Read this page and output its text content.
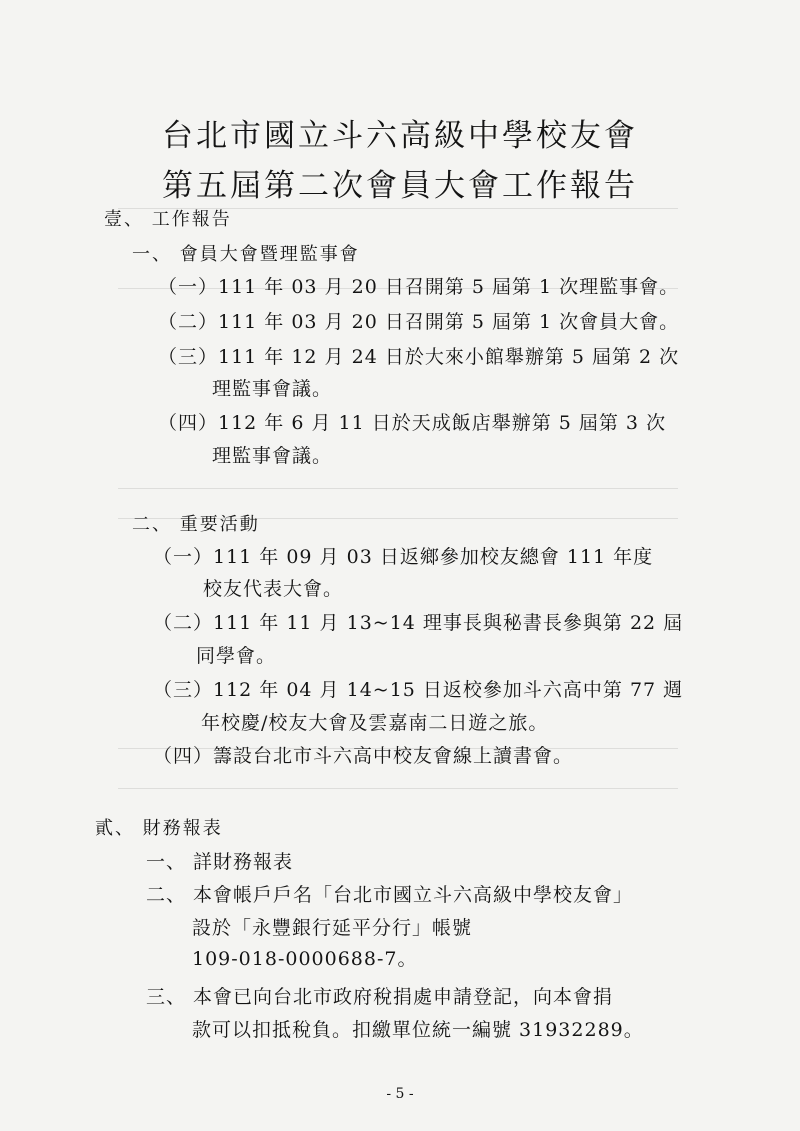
台北市國立斗六高級中學校友會
第五屆第二次會員大會工作報告
壹、 工作報告
一、 會員大會暨理監事會
（一）111 年 03 月 20 日召開第 5 屆第 1 次理監事會。
（二）111 年 03 月 20 日召開第 5 屆第 1 次會員大會。
（三）111 年 12 月 24 日於大來小館舉辦第 5 屆第 2 次
理監事會議。
（四）112 年 6 月 11 日於天成飯店舉辦第 5 屆第 3 次
理監事會議。
二、 重要活動
（一）111 年 09 月 03 日返鄉參加校友總會 111 年度
校友代表大會。
（二）111 年 11 月 13~14 理事長與秘書長參與第 22 屆
同學會。
（三）112 年 04 月 14~15 日返校參加斗六高中第 77 週
年校慶/校友大會及雲嘉南二日遊之旅。
（四）籌設台北市斗六高中校友會線上讀書會。
貳、 財務報表
一、 詳財務報表
二、 本會帳戶戶名「台北市國立斗六高級中學校友會」
設於「永豐銀行延平分行」帳號
109-018-0000688-7。
三、 本會已向台北市政府稅捐處申請登記，向本會捐
款可以扣抵稅負。扣繳單位統一編號 31932289。
- 5 -
